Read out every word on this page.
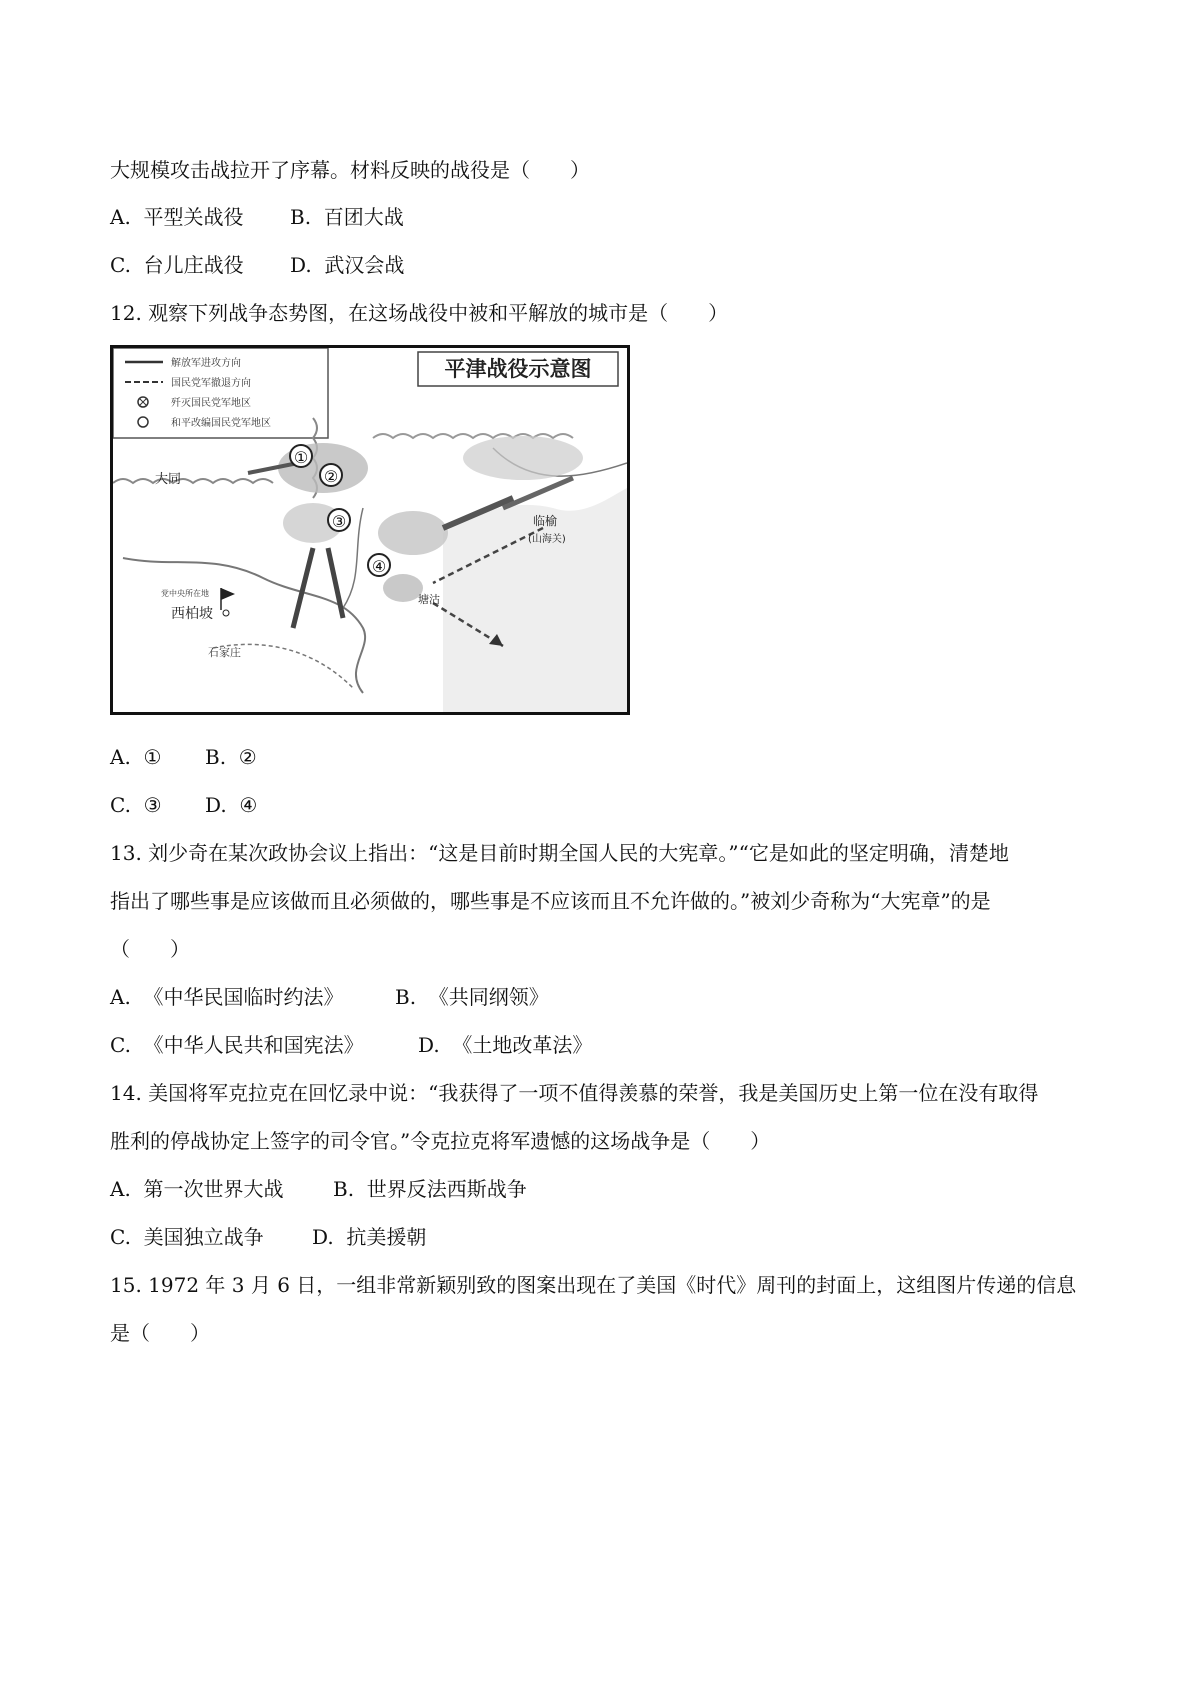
大规模攻击战拉开了序幕。材料反映的战役是（　　）
A. 平型关战役 B. 百团大战
C. 台儿庄战役 D. 武汉会战
12. 观察下列战争态势图，在这场战役中被和平解放的城市是（　　）
解放军进攻方向
国民党军撤退方向
歼灭国民党军地区
和平改编国民党军地区
平津战役示意图
①
②
③
④
大同
党中央所在地
西柏坡
石家庄
临榆
(山海关)
塘沽
A. ① B. ②
C. ③ D. ④
13. 刘少奇在某次政协会议上指出：“这是目前时期全国人民的大宪章。”“它是如此的坚定明确，清楚地
指出了哪些事是应该做而且必须做的，哪些事是不应该而且不允许做的。”被刘少奇称为“大宪章”的是
（　　）
A. 《中华民国临时约法》	B. 《共同纲领》
C. 《中华人民共和国宪法》	D. 《土地改革法》
14. 美国将军克拉克在回忆录中说：“我获得了一项不值得羡慕的荣誉，我是美国历史上第一位在没有取得
胜利的停战协定上签字的司令官。”令克拉克将军遗憾的这场战争是（　　）
A. 第一次世界大战 B. 世界反法西斯战争
C. 美国独立战争 D. 抗美援朝
15. 1972 年 3 月 6 日，一组非常新颖别致的图案出现在了美国《时代》周刊的封面上，这组图片传递的信息
是（　　）
